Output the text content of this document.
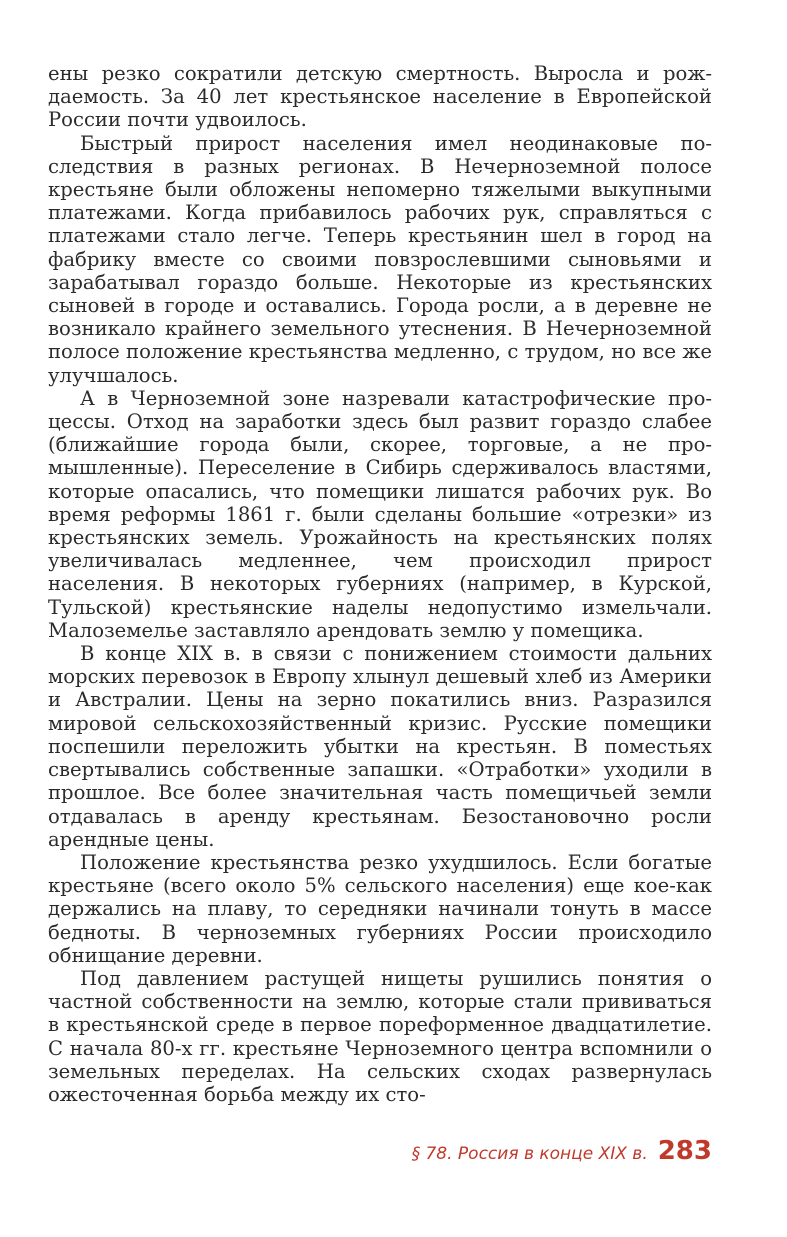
ены резко сократили детскую смертность. Выросла и рождаемость. За 40 лет крестьянское население в Европейской России почти удвоилось.

Быстрый прирост населения имел неодинаковые последствия в разных регионах. В Нечерноземной полосе крестьяне были обложены непомерно тяжелыми выкупными платежами. Когда прибавилось рабочих рук, справляться с платежами стало легче. Теперь крестьянин шел в город на фабрику вместе со своими повзрослевшими сыновьями и зарабатывал гораздо больше. Некоторые из крестьянских сыновей в городе и оставались. Города росли, а в деревне не возникало крайнего земельного утеснения. В Нечерноземной полосе положение крестьянства медленно, с трудом, но все же улучшалось.

А в Черноземной зоне назревали катастрофические процессы. Отход на заработки здесь был развит гораздо слабее (ближайшие города были, скорее, торговые, а не промышленные). Переселение в Сибирь сдерживалось властями, которые опасались, что помещики лишатся рабочих рук. Во время реформы 1861 г. были сделаны большие «отрезки» из крестьянских земель. Урожайность на крестьянских полях увеличивалась медленнее, чем происходил прирост населения. В некоторых губерниях (например, в Курской, Тульской) крестьянские наделы недопустимо измельчали. Малоземелье заставляло арендовать землю у помещика.

В конце XIX в. в связи с понижением стоимости дальних морских перевозок в Европу хлынул дешевый хлеб из Америки и Австралии. Цены на зерно покатились вниз. Разразился мировой сельскохозяйственный кризис. Русские помещики поспешили переложить убытки на крестьян. В поместьях свертывались собственные запашки. «Отработки» уходили в прошлое. Все более значительная часть помещичьей земли отдавалась в аренду крестьянам. Безостановочно росли арендные цены.

Положение крестьянства резко ухудшилось. Если богатые крестьяне (всего около 5% сельского населения) еще кое-как держались на плаву, то середняки начинали тонуть в массе бедноты. В черноземных губерниях России происходило обнищание деревни.

Под давлением растущей нищеты рушились понятия о частной собственности на землю, которые стали прививаться в крестьянской среде в первое пореформенное двадцатилетие. С начала 80-х гг. крестьяне Черноземного центра вспомнили о земельных переделах. На сельских сходах развернулась ожесточенная борьба между их сто-

§ 78. Россия в конце XIX в. 283
